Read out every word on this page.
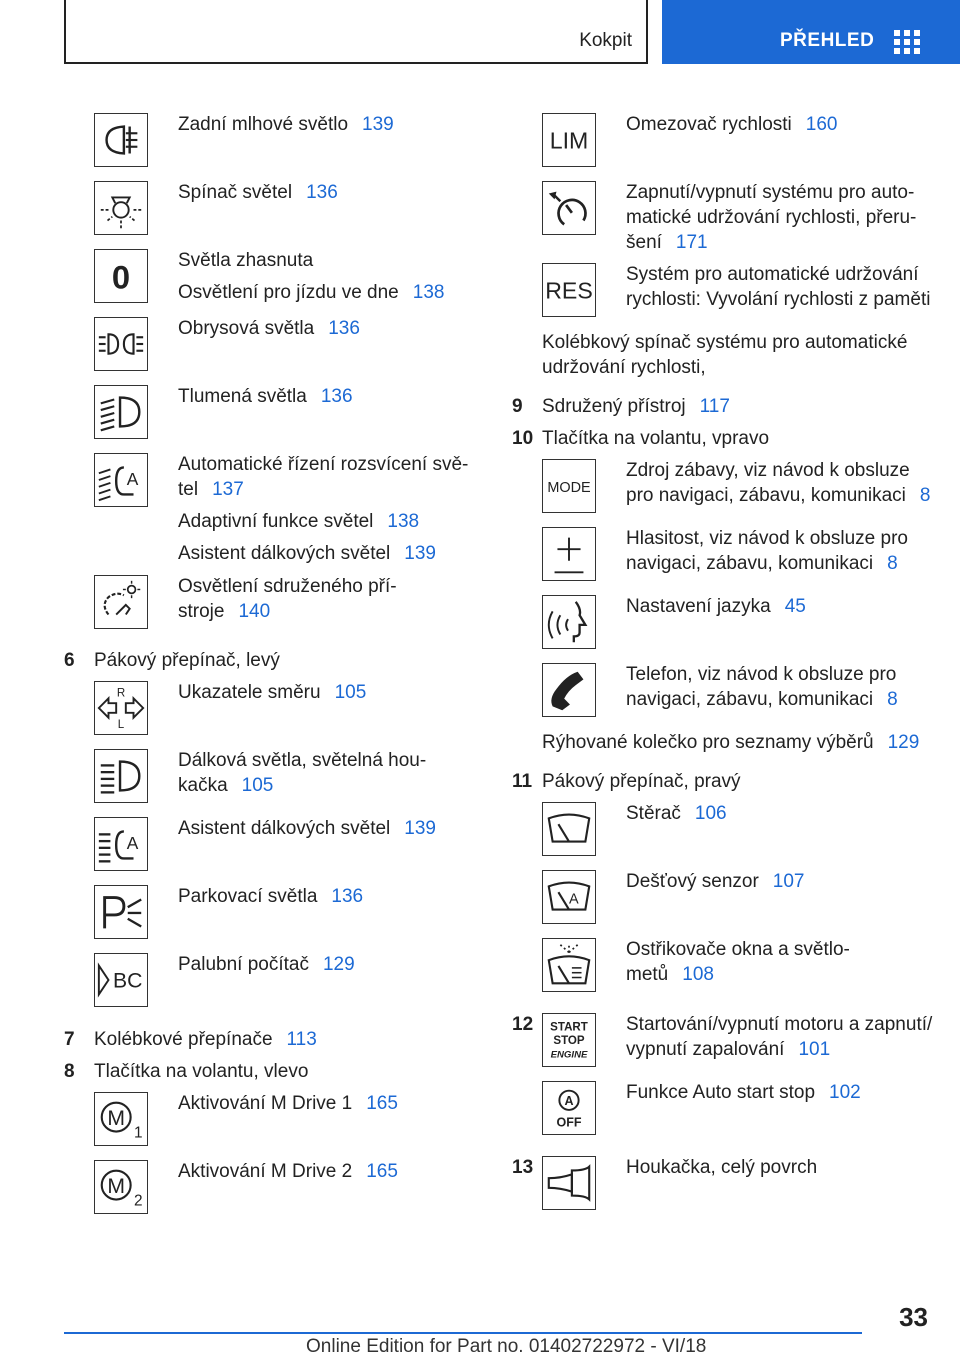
Kokpit	PŘEHLED
Zadní mlhové světlo 139
Spínač světel 136
0	Světla zhasnuta
Osvětlení pro jízdu ve dne 138
Obrysová světla 136
Tlumená světla 136
A
Automatické řízení rozsvícení svě-
tel 137
Adaptivní funkce světel 138
Asistent dálkových světel 139
Osvětlení sdruženého pří-
stroje 140
6 Pákový přepínač, levý
R
L
Ukazatele směru 105
Dálková světla, světelná hou-
kačka 105
A
Asistent dálkových světel 139
Parkovací světla 136
BC
Palubní počítač 129
7 Kolébkové přepínače 113
8 Tlačítka na volantu, vlevo
M
1
Aktivování M Drive 1 165
M
2
Aktivování M Drive 2 165
LIM
Omezovač rychlosti 160
Zapnutí/vypnutí systému pro auto-
matické udržování rychlosti, přeru-
šení 171
RES
Systém pro automatické udržování
rychlosti: Vyvolání rychlosti z paměti
Kolébkový spínač systému pro automatické
udržování rychlosti,
9 Sdružený přístroj 117
10 Tlačítka na volantu, vpravo
MODE
Zdroj zábavy, viz návod k obsluze
pro navigaci, zábavu, komunikaci 8
Hlasitost, viz návod k obsluze pro
navigaci, zábavu, komunikaci 8
Nastavení jazyka 45
Telefon, viz návod k obsluze pro
navigaci, zábavu, komunikaci 8
Rýhované kolečko pro seznamy výběrů 129
11 Pákový přepínač, pravý
Stěrač 106
A
Dešťový senzor 107
Ostřikovače okna a světlo-
metů 108
12 START
STOP
ENGINE
Startování/vypnutí motoru a zapnutí/
vypnutí zapalování 101
A
OFF
Funkce Auto start stop 102
13	Houkačka, celý povrch
33
Online Edition for Part no. 01402722972 - VI/18
